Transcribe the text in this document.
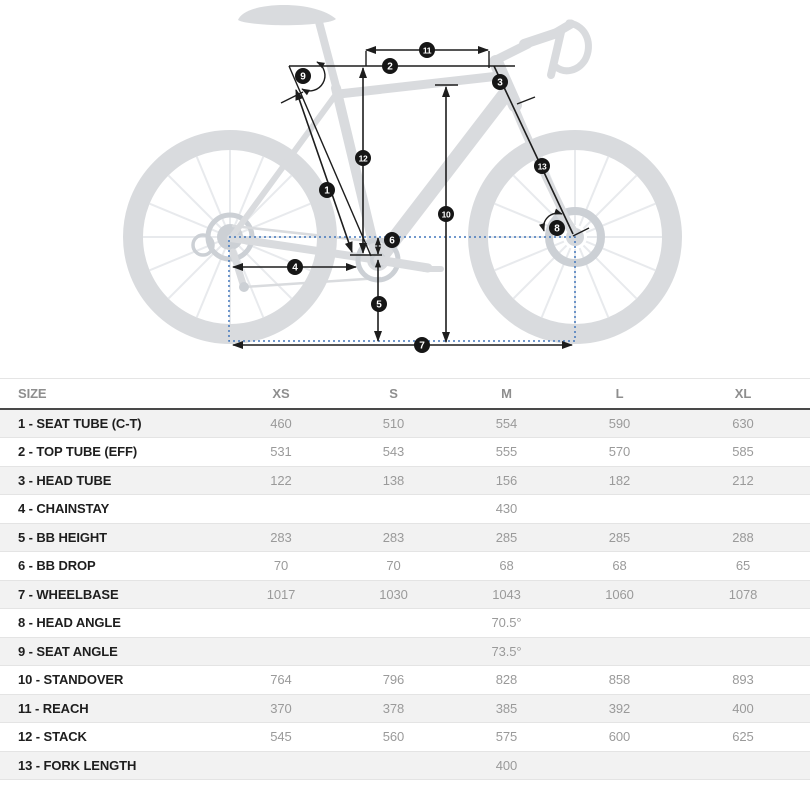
1
2
3
4
5
6
7
8
9
10
11
12
13
SIZE	XS	S	M	L	XL
1 - SEAT TUBE (C-T)	460	510	554	590	630
2 - TOP TUBE (EFF)	531	543	555	570	585
3 - HEAD TUBE	122	138	156	182	212
4 - CHAINSTAY			430		
5 - BB HEIGHT	283	283	285	285	288
6 - BB DROP	70	70	68	68	65
7 - WHEELBASE	1017	1030	1043	1060	1078
8 - HEAD ANGLE			70.5°		
9 - SEAT ANGLE			73.5°		
10 - STANDOVER	764	796	828	858	893
11 - REACH	370	378	385	392	400
12 - STACK	545	560	575	600	625
13 - FORK LENGTH			400		
